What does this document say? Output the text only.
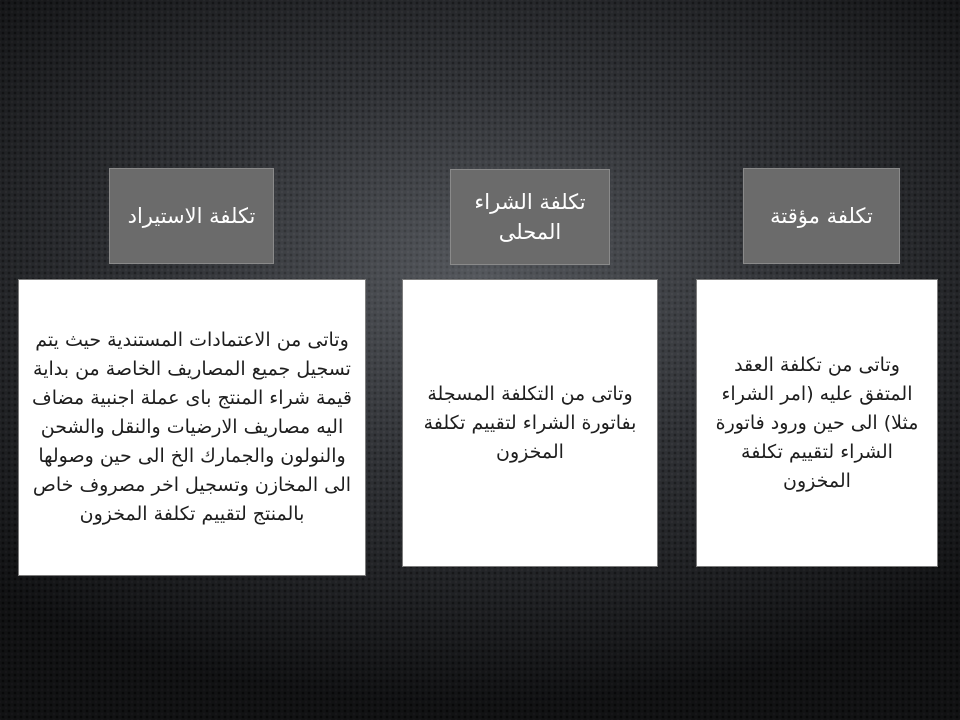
تكلفة الاستيراد
وتاتى من الاعتمادات المستندية حيث يتم تسجيل جميع المصاريف الخاصة من بداية قيمة شراء المنتج باى عملة اجنبية مضاف اليه مصاريف الارضيات والنقل والشحن والنولون والجمارك الخ الى حين وصولها الى المخازن وتسجيل اخر مصروف خاص بالمنتج لتقييم تكلفة المخزون
تكلفة الشراء المحلى
وتاتى من التكلفة المسجلة بفاتورة الشراء لتقييم تكلفة المخزون
تكلفة مؤقتة
وتاتى من تكلفة العقد المتفق عليه (امر الشراء مثلا) الى حين ورود فاتورة الشراء لتقييم تكلفة المخزون
